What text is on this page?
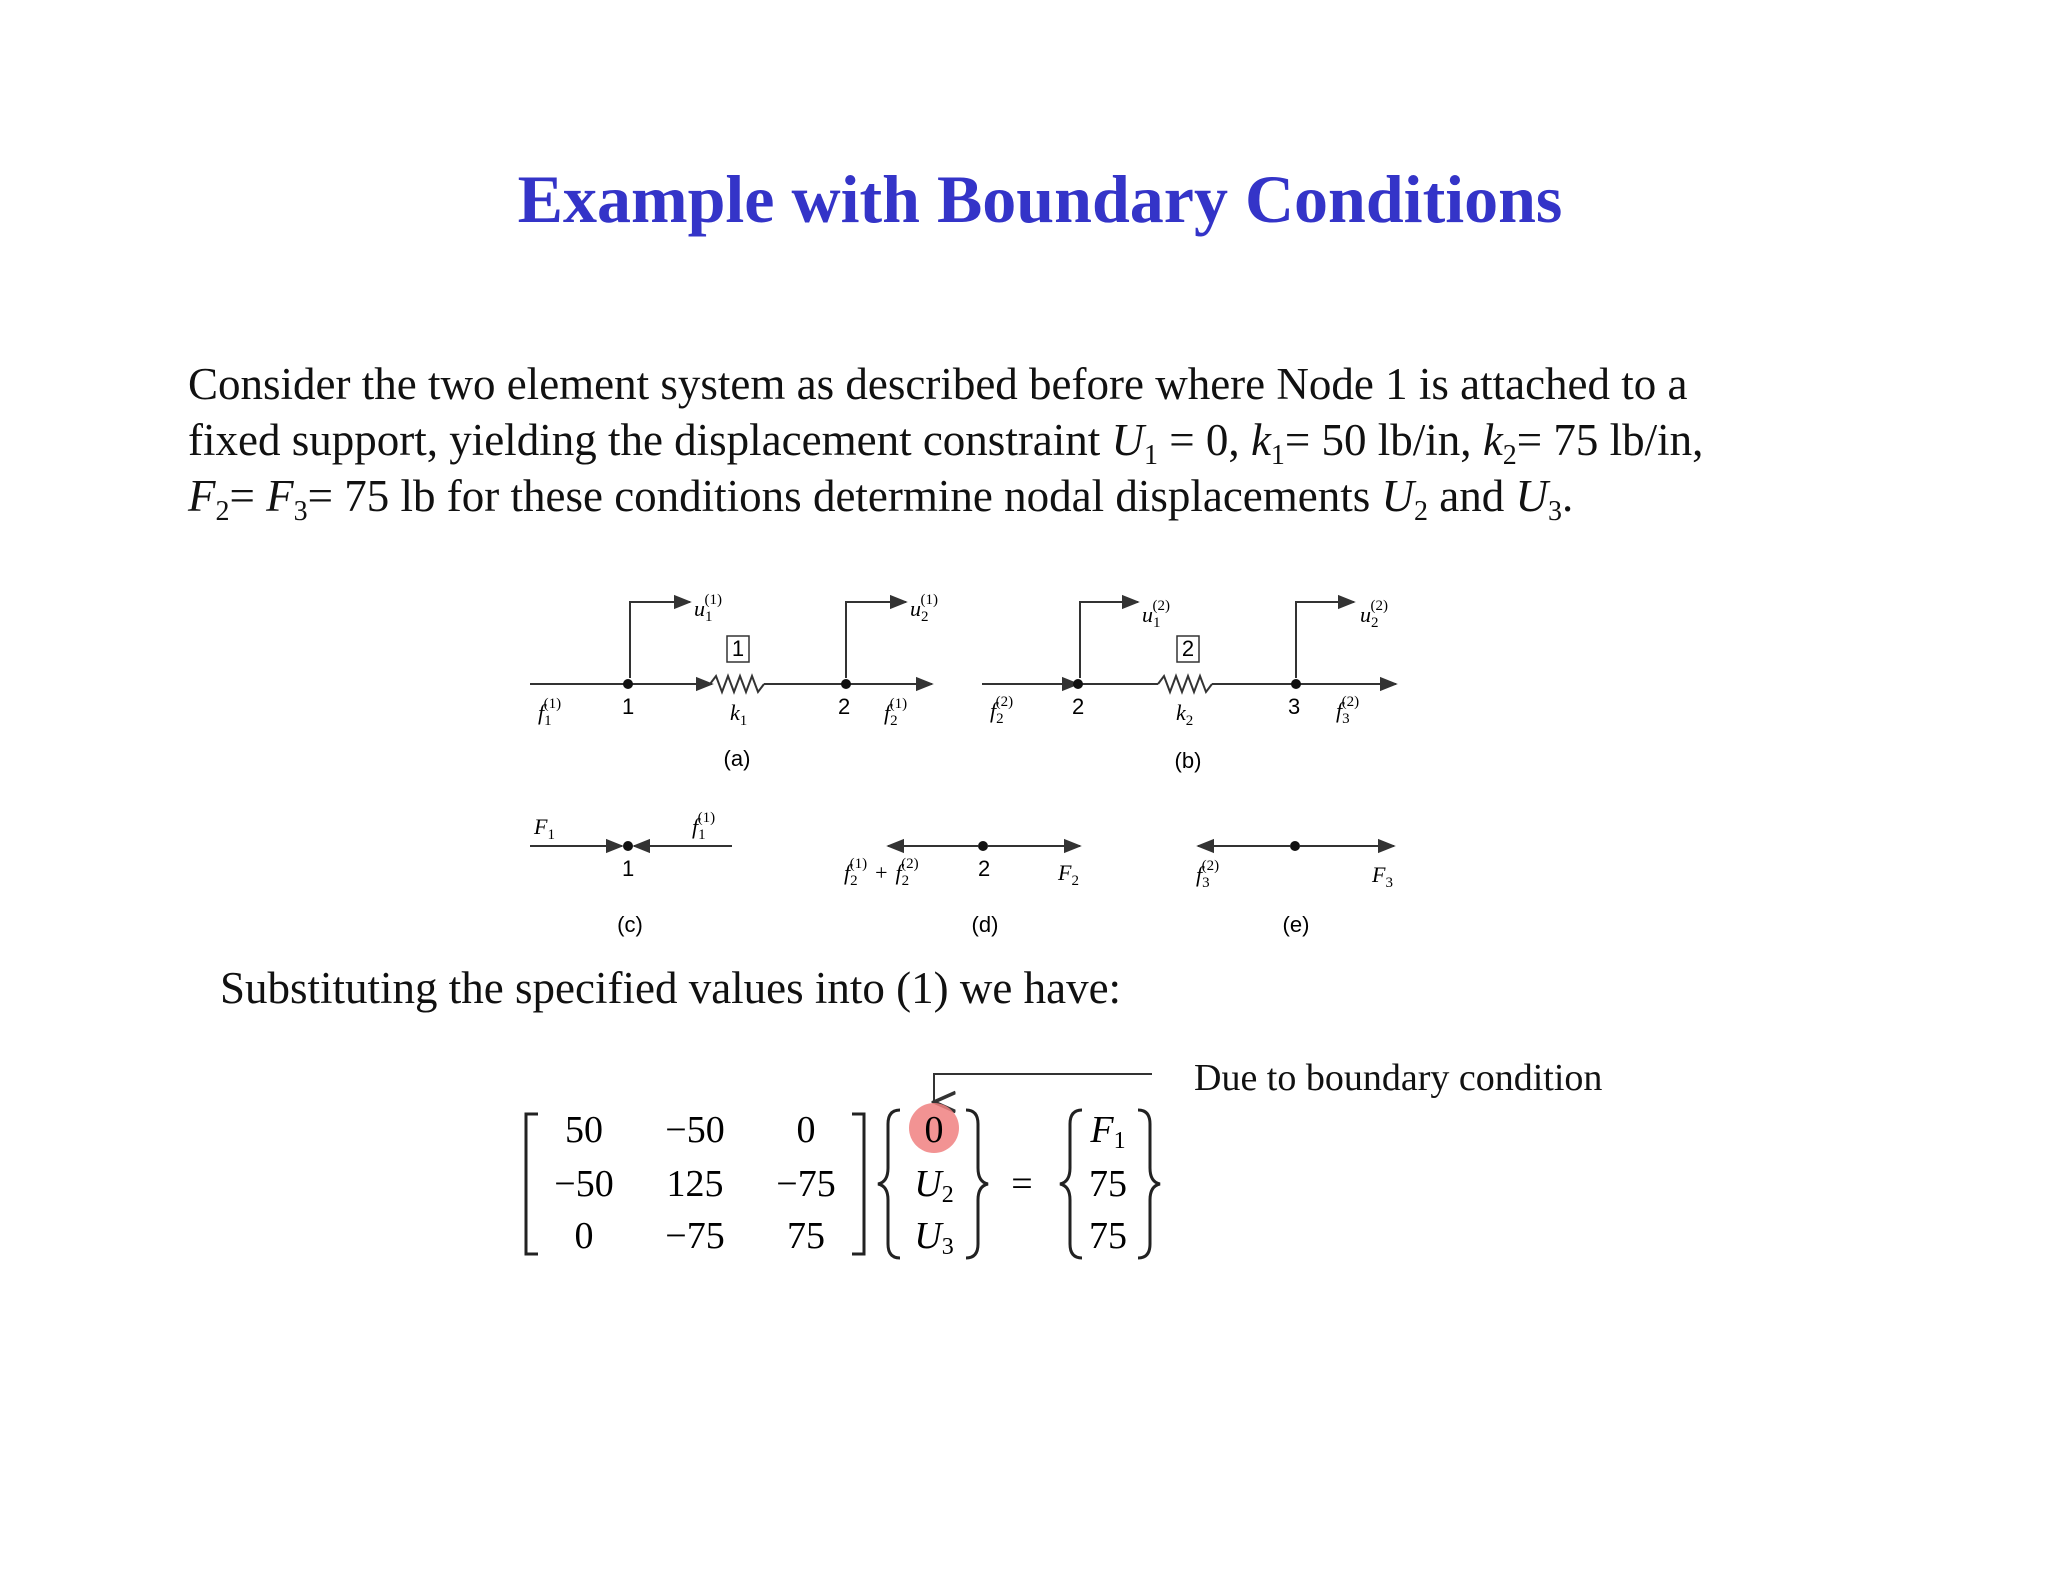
Example with Boundary Conditions
Consider the two element system as described before where Node 1 is attached to a
fixed support, yielding the displacement constraint $U_1 = 0$, $k_1= 50$ lb/in, $k_2= 75$ lb/in,
$F_2= F_3= 75$ lb for these conditions determine nodal displacements $U_2$ and $U_3$.
1
$u_1(1)$	$u_2(1)$
$f_1(1)$	1	$k_1$
2 $f_2(1)$
(a)
2
$u_1(2)$	$u_2(2)$
$f_2(2)$	2	$k_2$
3 $f_3(2)$
(b)
$F_1$	$f_1(1)$
1
(c)
$f_2(1) + f_2(2)$	2	$F_2$
(d)
$f_3(2)$	$F_3$
(e)
Substituting the specified values into (1) we have:
Due to boundary condition
50 −50 0
−50 125 −75
0 −75 75
0
U2
U3
=
F1
75
75
